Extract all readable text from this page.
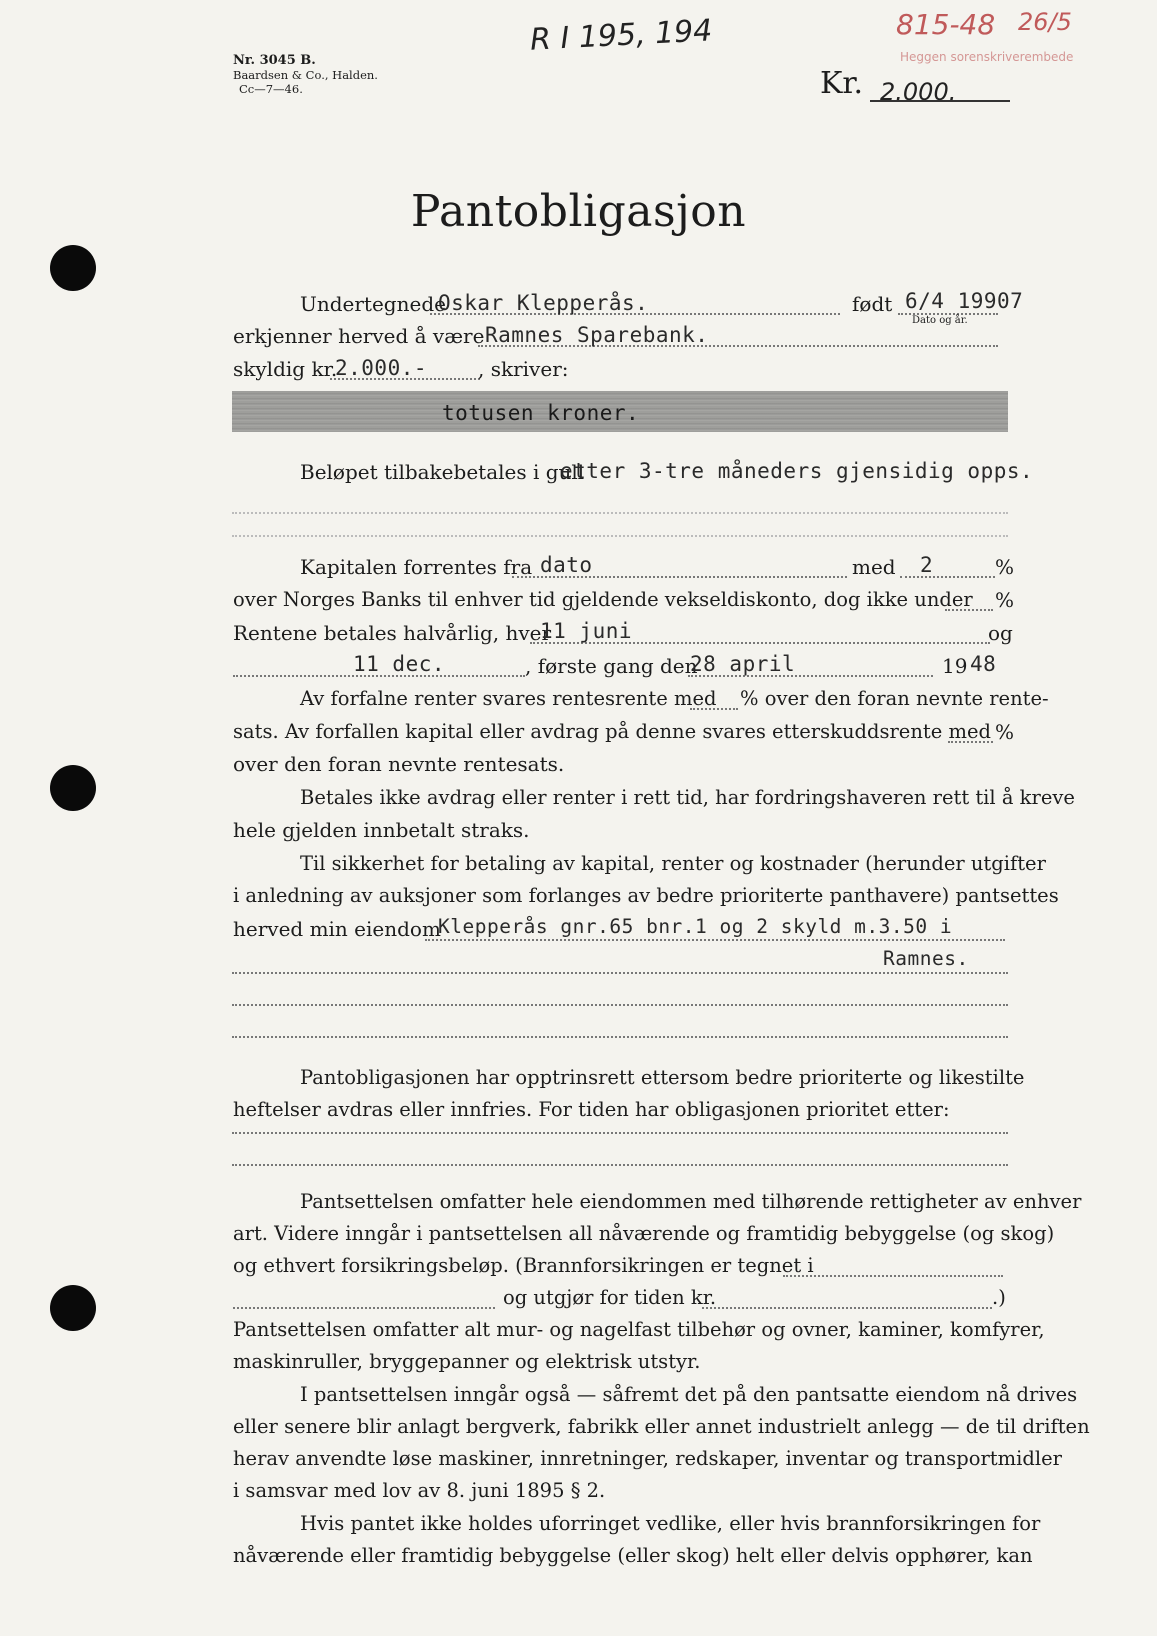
Nr. 3045 B.
Baardsen & Co., Halden.
Cc—7—46.
R I 195, 194	815-48 26/5
Heggen sorenskriverembede
Kr. 2.000.
Pantobligasjon
Undertegnede
Oskar Klepperås.	født 6/4 19907
Dato og år.
erkjenner herved å være Ramnes Sparebank.
skyldig kr.
2.000.-	, skriver:
totusen kroner.
Beløpet tilbakebetales i gull
etter 3-tre måneders gjensidig opps.
Kapitalen forrentes fra dato	med 2	%
over Norges Banks til enhver tid gjeldende vekseldiskonto, dog ikke under %
Rentene betales halvårlig, hver
11 juni	og
11 dec.	, første gang den
28 april	19 48
Av forfalne renter svares rentesrente med % over den foran nevnte rente-
sats. Av forfallen kapital eller avdrag på denne svares etterskuddsrente med %
over den foran nevnte rentesats.
Betales ikke avdrag eller renter i rett tid, har fordringshaveren rett til å kreve
hele gjelden innbetalt straks.
Til sikkerhet for betaling av kapital, renter og kostnader (herunder utgifter
i anledning av auksjoner som forlanges av bedre prioriterte panthavere) pantsettes
herved min eiendom
Klepperås gnr.65 bnr.1 og 2 skyld m.3.50 i
Ramnes.
Pantobligasjonen har opptrinsrett ettersom bedre prioriterte og likestilte
heftelser avdras eller innfries. For tiden har obligasjonen prioritet etter:
Pantsettelsen omfatter hele eiendommen med tilhørende rettigheter av enhver
art. Videre inngår i pantsettelsen all nåværende og framtidig bebyggelse (og skog)
og ethvert forsikringsbeløp. (Brannforsikringen er tegnet i
og utgjør for tiden kr.	.)
Pantsettelsen omfatter alt mur- og nagelfast tilbehør og ovner, kaminer, komfyrer,
maskinruller, bryggepanner og elektrisk utstyr.
I pantsettelsen inngår også — såfremt det på den pantsatte eiendom nå drives
eller senere blir anlagt bergverk, fabrikk eller annet industrielt anlegg — de til driften
herav anvendte løse maskiner, innretninger, redskaper, inventar og transportmidler
i samsvar med lov av 8. juni 1895 § 2.
Hvis pantet ikke holdes uforringet vedlike, eller hvis brannforsikringen for
nåværende eller framtidig bebyggelse (eller skog) helt eller delvis opphører, kan
